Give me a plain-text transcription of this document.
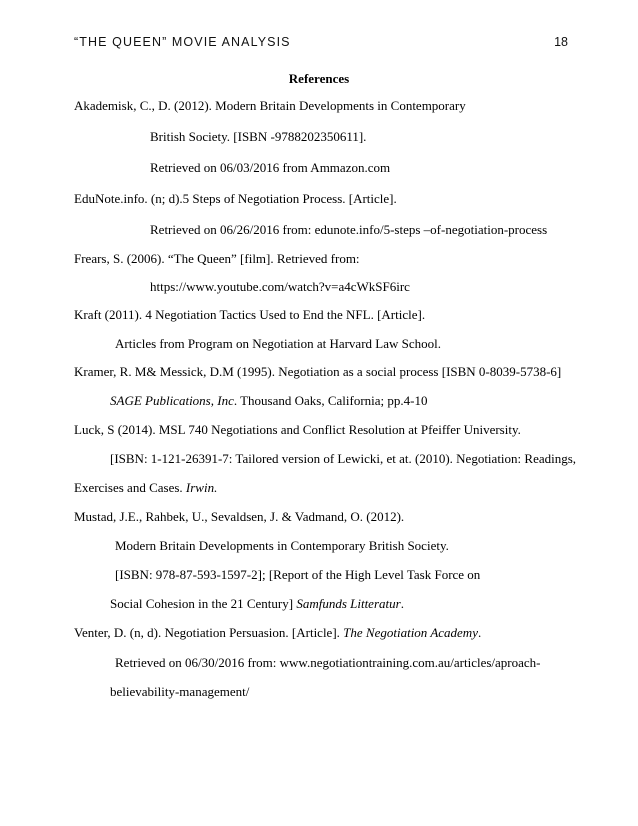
“THE QUEEN” MOVIE ANALYSIS	18
References
Akademisk, C., D. (2012). Modern Britain Developments in Contemporary
British Society. [ISBN -9788202350611].
Retrieved on 06/03/2016 from Ammazon.com
EduNote.info. (n; d).5 Steps of Negotiation Process. [Article].
Retrieved on 06/26/2016 from: edunote.info/5-steps –of-negotiation-process
Frears, S. (2006). “The Queen” [film]. Retrieved from:
https://www.youtube.com/watch?v=a4cWkSF6irc
Kraft (2011). 4 Negotiation Tactics Used to End the NFL. [Article].
Articles from Program on Negotiation at Harvard Law School.
Kramer, R. M& Messick, D.M (1995). Negotiation as a social process [ISBN 0-8039-5738-6]
SAGE Publications, Inc. Thousand Oaks, California; pp.4-10
Luck, S (2014). MSL 740 Negotiations and Conflict Resolution at Pfeiffer University.
[ISBN: 1-121-26391-7: Tailored version of Lewicki, et at. (2010). Negotiation: Readings,
Exercises and Cases. Irwin.
Mustad, J.E., Rahbek, U., Sevaldsen, J. & Vadmand, O. (2012).
Modern Britain Developments in Contemporary British Society.
[ISBN: 978-87-593-1597-2]; [Report of the High Level Task Force on
Social Cohesion in the 21 Century] Samfunds Litteratur.
Venter, D. (n, d). Negotiation Persuasion. [Article]. The Negotiation Academy.
Retrieved on 06/30/2016 from: www.negotiationtraining.com.au/articles/aproach-
believability-management/
